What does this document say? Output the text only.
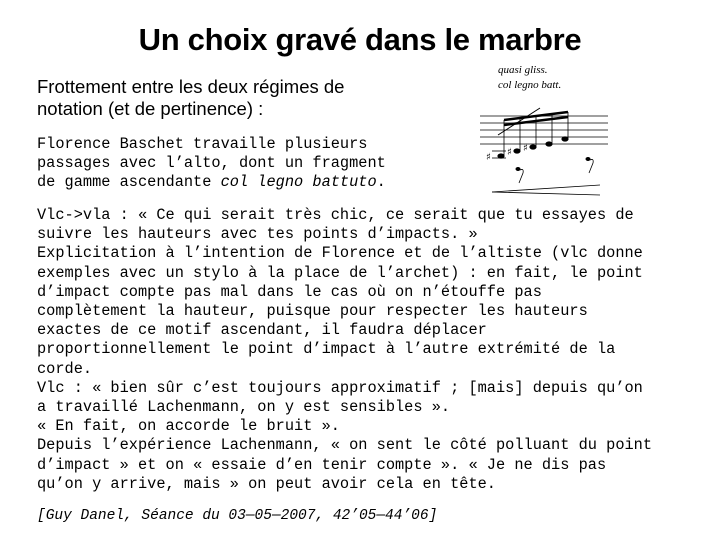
Un choix gravé dans le marbre
Frottement entre les deux régimes de
notation (et de pertinence) :
Florence Baschet travaille plusieurs
passages avec l’alto, dont un fragment
de gamme ascendante col legno battuto.
Vlc->vla : « Ce qui serait très chic, ce serait que tu essayes de
suivre les hauteurs avec tes points d’impacts. »
Explicitation à l’intention de Florence et de l’altiste (vlc donne
exemples avec un stylo à la place de l’archet) : en fait, le point
d’impact compte pas mal dans le cas où on n’étouffe pas
complètement la hauteur, puisque pour respecter les hauteurs
exactes de ce motif ascendant, il faudra déplacer
proportionnellement le point d’impact à l’autre extrémité de la
corde.
Vlc : « bien sûr c’est toujours approximatif ; [mais] depuis qu’on
a travaillé Lachenmann, on y est sensibles ».
« En fait, on accorde le bruit ».
Depuis l’expérience Lachenmann, « on sent le côté polluant du point
d’impact » et on « essaie d’en tenir compte ». « Je ne dis pas
qu’on y arrive, mais » on peut avoir cela en tête.
[Guy Danel, Séance du 03—05—2007, 42’05—44’06]
quasi gliss.
col legno batt.
♯ ♯ ♯
